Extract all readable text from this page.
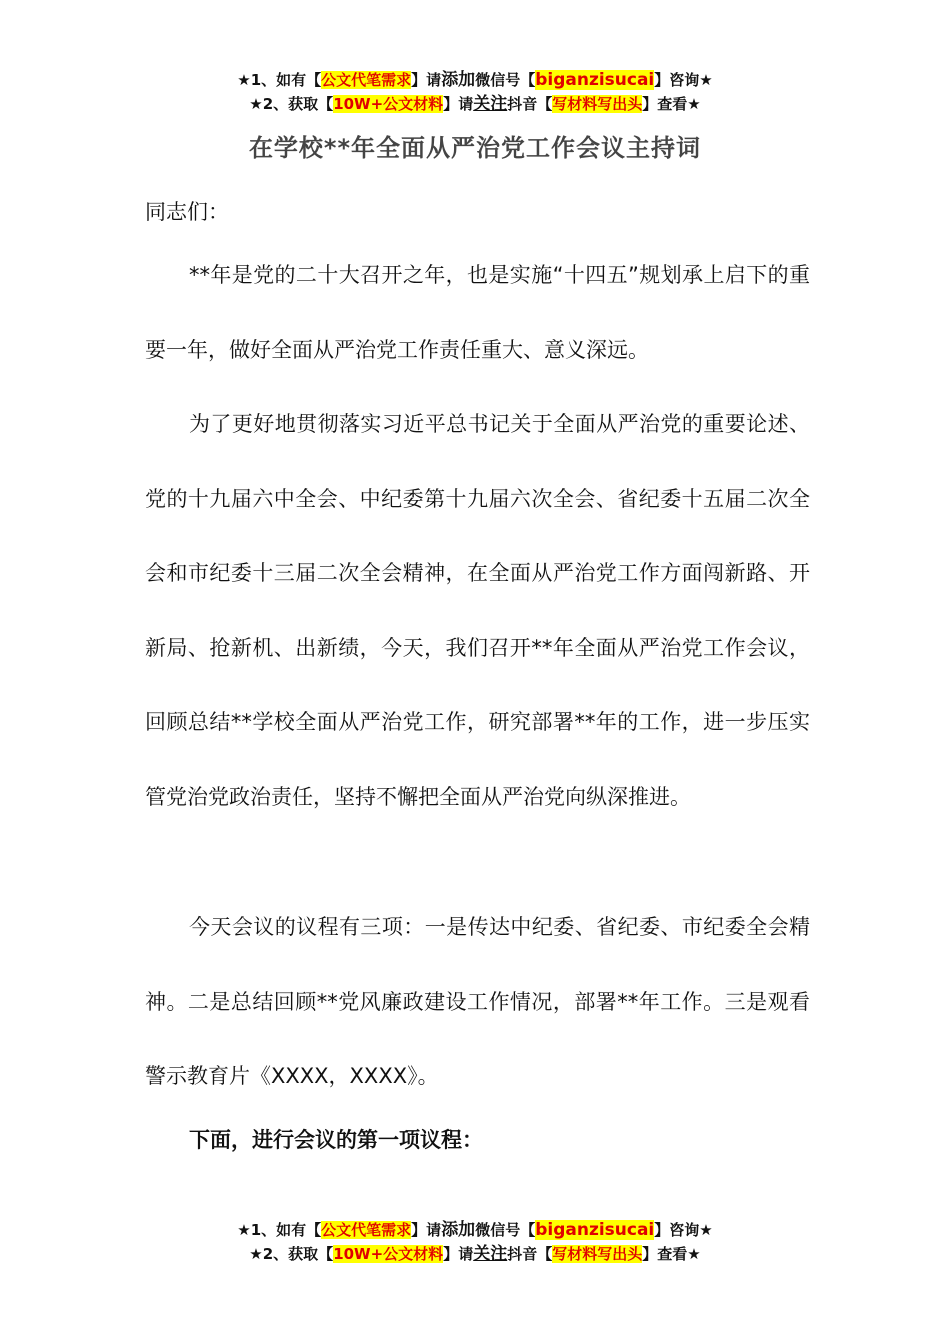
★1、如有【公文代笔需求】请添加微信号【biganzisucai】咨询★
★2、获取【10W+公文材料】请关注抖音【写材料写出头】查看★
在学校**年全面从严治党工作会议主持词
同志们：

**年是党的二十大召开之年，也是实施“十四五”规划承上启下的重要一年，做好全面从严治党工作责任重大、意义深远。

为了更好地贯彻落实习近平总书记关于全面从严治党的重要论述、党的十九届六中全会、中纪委第十九届六次全会、省纪委十五届二次全会和市纪委十三届二次全会精神，在全面从严治党工作方面闯新路、开新局、抢新机、出新绩，今天，我们召开**年全面从严治党工作会议，回顾总结**学校全面从严治党工作，研究部署**年的工作，进一步压实管党治党政治责任，坚持不懈把全面从严治党向纵深推进。

今天会议的议程有三项：一是传达中纪委、省纪委、市纪委全会精神。二是总结回顾**党风廉政建设工作情况，部署**年工作。三是观看警示教育片《XXXX，XXXX》。

下面，进行会议的第一项议程：
★1、如有【公文代笔需求】请添加微信号【biganzisucai】咨询★
★2、获取【10W+公文材料】请关注抖音【写材料写出头】查看★
